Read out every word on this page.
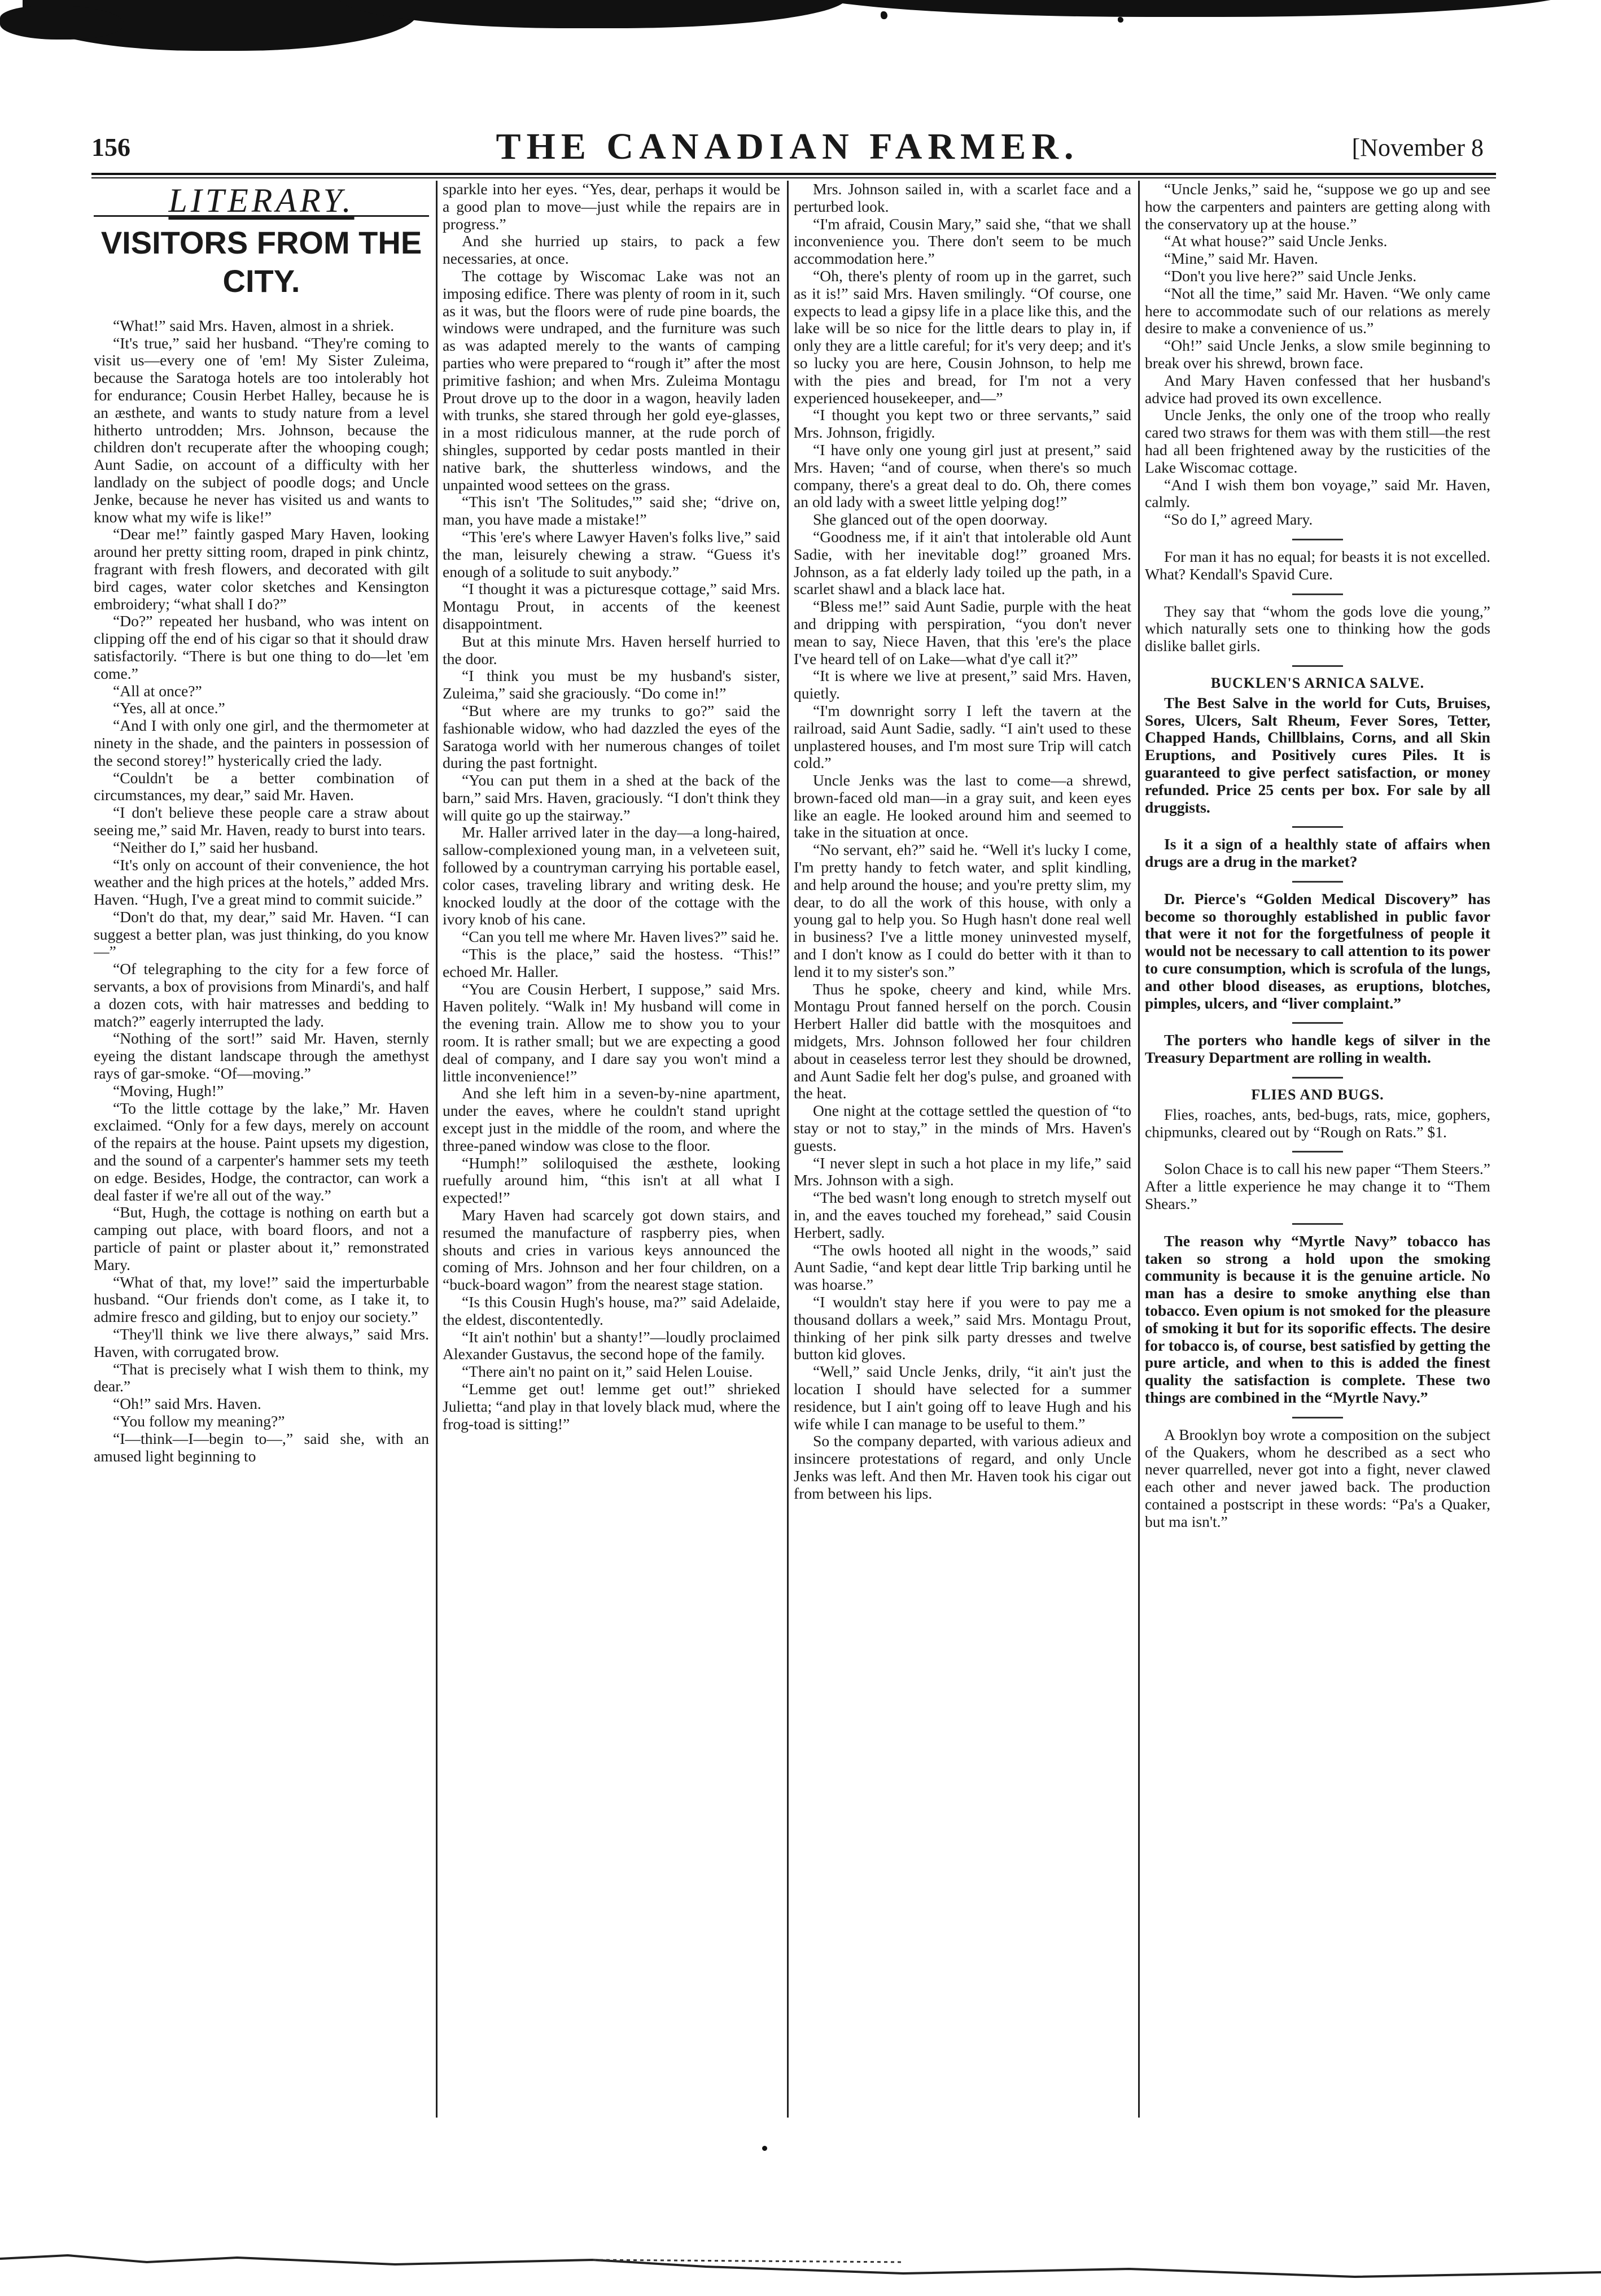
156	THE CANADIAN FARMER.	[November 8
LITERARY.
VISITORS FROM THE CITY.

“What!” said Mrs. Haven, almost in a shriek.

“It's true,” said her husband. “They're coming to visit us—every one of 'em! My Sister Zuleima, because the Saratoga hotels are too intolerably hot for endurance; Cousin Herbet Halley, because he is an æsthete, and wants to study nature from a level hitherto untrodden; Mrs. Johnson, because the children don't recuperate after the whooping cough; Aunt Sadie, on account of a difficulty with her landlady on the subject of poodle dogs; and Uncle Jenke, because he never has visited us and wants to know what my wife is like!”

“Dear me!” faintly gasped Mary Haven, looking around her pretty sitting room, draped in pink chintz, fragrant with fresh flowers, and decorated with gilt bird cages, water color sketches and Kensington embroidery; “what shall I do?”

“Do?” repeated her husband, who was intent on clipping off the end of his cigar so that it should draw satisfactorily. “There is but one thing to do—let 'em come.”

“All at once?”

“Yes, all at once.”

“And I with only one girl, and the thermometer at ninety in the shade, and the painters in possession of the second storey!” hysterically cried the lady.

“Couldn't be a better combination of circumstances, my dear,” said Mr. Haven.

“I don't believe these people care a straw about seeing me,” said Mr. Haven, ready to burst into tears.

“Neither do I,” said her husband.

“It's only on account of their convenience, the hot weather and the high prices at the hotels,” added Mrs. Haven. “Hugh, I've a great mind to commit suicide.”

“Don't do that, my dear,” said Mr. Haven. “I can suggest a better plan, was just thinking, do you know—”

“Of telegraphing to the city for a few force of servants, a box of provisions from Minardi's, and half a dozen cots, with hair matresses and bedding to match?” eagerly interrupted the lady.

“Nothing of the sort!” said Mr. Haven, sternly eyeing the distant landscape through the amethyst rays of gar-smoke. “Of—moving.”

“Moving, Hugh!”

“To the little cottage by the lake,” Mr. Haven exclaimed. “Only for a few days, merely on account of the repairs at the house. Paint upsets my digestion, and the sound of a carpenter's hammer sets my teeth on edge. Besides, Hodge, the contractor, can work a deal faster if we're all out of the way.”

“But, Hugh, the cottage is nothing on earth but a camping out place, with board floors, and not a particle of paint or plaster about it,” remonstrated Mary.

“What of that, my love!” said the imperturbable husband. “Our friends don't come, as I take it, to admire fresco and gilding, but to enjoy our society.”

“They'll think we live there always,” said Mrs. Haven, with corrugated brow.

“That is precisely what I wish them to think, my dear.”

“Oh!” said Mrs. Haven.

“You follow my meaning?”

“I—think—I—begin to—,” said she, with an amused light beginning to

sparkle into her eyes. “Yes, dear, perhaps it would be a good plan to move—just while the repairs are in progress.”

And she hurried up stairs, to pack a few necessaries, at once.

The cottage by Wiscomac Lake was not an imposing edifice. There was plenty of room in it, such as it was, but the floors were of rude pine boards, the windows were undraped, and the furniture was such as was adapted merely to the wants of camping parties who were prepared to “rough it” after the most primitive fashion; and when Mrs. Zuleima Montagu Prout drove up to the door in a wagon, heavily laden with trunks, she stared through her gold eye-glasses, in a most ridiculous manner, at the rude porch of shingles, supported by cedar posts mantled in their native bark, the shutterless windows, and the unpainted wood settees on the grass.

“This isn't 'The Solitudes,'” said she; “drive on, man, you have made a mistake!”

“This 'ere's where Lawyer Haven's folks live,” said the man, leisurely chewing a straw. “Guess it's enough of a solitude to suit anybody.”

“I thought it was a picturesque cottage,” said Mrs. Montagu Prout, in accents of the keenest disappointment.

But at this minute Mrs. Haven herself hurried to the door.

“I think you must be my husband's sister, Zuleima,” said she graciously. “Do come in!”

“But where are my trunks to go?” said the fashionable widow, who had dazzled the eyes of the Saratoga world with her numerous changes of toilet during the past fortnight.

“You can put them in a shed at the back of the barn,” said Mrs. Haven, graciously. “I don't think they will quite go up the stairway.”

Mr. Haller arrived later in the day—a long-haired, sallow-complexioned young man, in a velveteen suit, followed by a countryman carrying his portable easel, color cases, traveling library and writing desk. He knocked loudly at the door of the cottage with the ivory knob of his cane.

“Can you tell me where Mr. Haven lives?” said he.

“This is the place,” said the hostess. “This!” echoed Mr. Haller.

“You are Cousin Herbert, I suppose,” said Mrs. Haven politely. “Walk in! My husband will come in the evening train. Allow me to show you to your room. It is rather small; but we are expecting a good deal of company, and I dare say you won't mind a little inconvenience!”

And she left him in a seven-by-nine apartment, under the eaves, where he couldn't stand upright except just in the middle of the room, and where the three-paned window was close to the floor.

“Humph!” soliloquised the æsthete, looking ruefully around him, “this isn't at all what I expected!”

Mary Haven had scarcely got down stairs, and resumed the manufacture of raspberry pies, when shouts and cries in various keys announced the coming of Mrs. Johnson and her four children, on a “buck-board wagon” from the nearest stage station.

“Is this Cousin Hugh's house, ma?” said Adelaide, the eldest, discontentedly.

“It ain't nothin' but a shanty!”—loudly proclaimed Alexander Gustavus, the second hope of the family.

“There ain't no paint on it,” said Helen Louise.

“Lemme get out! lemme get out!” shrieked Julietta; “and play in that lovely black mud, where the frog-toad is sitting!”

Mrs. Johnson sailed in, with a scarlet face and a perturbed look.

“I'm afraid, Cousin Mary,” said she, “that we shall inconvenience you. There don't seem to be much accommodation here.”

“Oh, there's plenty of room up in the garret, such as it is!” said Mrs. Haven smilingly. “Of course, one expects to lead a gipsy life in a place like this, and the lake will be so nice for the little dears to play in, if only they are a little careful; for it's very deep; and it's so lucky you are here, Cousin Johnson, to help me with the pies and bread, for I'm not a very experienced housekeeper, and—”

“I thought you kept two or three servants,” said Mrs. Johnson, frigidly.

“I have only one young girl just at present,” said Mrs. Haven; “and of course, when there's so much company, there's a great deal to do. Oh, there comes an old lady with a sweet little yelping dog!”

She glanced out of the open doorway.

“Goodness me, if it ain't that intolerable old Aunt Sadie, with her inevitable dog!” groaned Mrs. Johnson, as a fat elderly lady toiled up the path, in a scarlet shawl and a black lace hat.

“Bless me!” said Aunt Sadie, purple with the heat and dripping with perspiration, “you don't never mean to say, Niece Haven, that this 'ere's the place I've heard tell of on Lake—what d'ye call it?”

“It is where we live at present,” said Mrs. Haven, quietly.

“I'm downright sorry I left the tavern at the railroad, said Aunt Sadie, sadly. “I ain't used to these unplastered houses, and I'm most sure Trip will catch cold.”

Uncle Jenks was the last to come—a shrewd, brown-faced old man—in a gray suit, and keen eyes like an eagle. He looked around him and seemed to take in the situation at once.

“No servant, eh?” said he. “Well it's lucky I come, I'm pretty handy to fetch water, and split kindling, and help around the house; and you're pretty slim, my dear, to do all the work of this house, with only a young gal to help you. So Hugh hasn't done real well in business? I've a little money uninvested myself, and I don't know as I could do better with it than to lend it to my sister's son.”

Thus he spoke, cheery and kind, while Mrs. Montagu Prout fanned herself on the porch. Cousin Herbert Haller did battle with the mosquitoes and midgets, Mrs. Johnson followed her four children about in ceaseless terror lest they should be drowned, and Aunt Sadie felt her dog's pulse, and groaned with the heat.

One night at the cottage settled the question of “to stay or not to stay,” in the minds of Mrs. Haven's guests.

“I never slept in such a hot place in my life,” said Mrs. Johnson with a sigh.

“The bed wasn't long enough to stretch myself out in, and the eaves touched my forehead,” said Cousin Herbert, sadly.

“The owls hooted all night in the woods,” said Aunt Sadie, “and kept dear little Trip barking until he was hoarse.”

“I wouldn't stay here if you were to pay me a thousand dollars a week,” said Mrs. Montagu Prout, thinking of her pink silk party dresses and twelve button kid gloves.

“Well,” said Uncle Jenks, drily, “it ain't just the location I should have selected for a summer residence, but I ain't going off to leave Hugh and his wife while I can manage to be useful to them.”

So the company departed, with various adieux and insincere protestations of regard, and only Uncle Jenks was left. And then Mr. Haven took his cigar out from between his lips.

“Uncle Jenks,” said he, “suppose we go up and see how the carpenters and painters are getting along with the conservatory up at the house.”

“At what house?” said Uncle Jenks.

“Mine,” said Mr. Haven.

“Don't you live here?” said Uncle Jenks.

“Not all the time,” said Mr. Haven. “We only came here to accommodate such of our relations as merely desire to make a convenience of us.”

“Oh!” said Uncle Jenks, a slow smile beginning to break over his shrewd, brown face.

And Mary Haven confessed that her husband's advice had proved its own excellence.

Uncle Jenks, the only one of the troop who really cared two straws for them was with them still—the rest had all been frightened away by the rusticities of the Lake Wiscomac cottage.

“And I wish them bon voyage,” said Mr. Haven, calmly.

“So do I,” agreed Mary.

For man it has no equal; for beasts it is not excelled. What? Kendall's Spavid Cure.

They say that “whom the gods love die young,” which naturally sets one to thinking how the gods dislike ballet girls.

BUCKLEN'S ARNICA SALVE.

The Best Salve in the world for Cuts, Bruises, Sores, Ulcers, Salt Rheum, Fever Sores, Tetter, Chapped Hands, Chillblains, Corns, and all Skin Eruptions, and Positively cures Piles. It is guaranteed to give perfect satisfaction, or money refunded. Price 25 cents per box. For sale by all druggists.

Is it a sign of a healthly state of affairs when drugs are a drug in the market?

Dr. Pierce's “Golden Medical Discovery” has become so thoroughly established in public favor that were it not for the forgetfulness of people it would not be necessary to call attention to its power to cure consumption, which is scrofula of the lungs, and other blood diseases, as eruptions, blotches, pimples, ulcers, and “liver complaint.”

The porters who handle kegs of silver in the Treasury Department are rolling in wealth.

FLIES AND BUGS.

Flies, roaches, ants, bed-bugs, rats, mice, gophers, chipmunks, cleared out by “Rough on Rats.” $1.

Solon Chace is to call his new paper “Them Steers.” After a little experience he may change it to “Them Shears.”

The reason why “Myrtle Navy” tobacco has taken so strong a hold upon the smoking community is because it is the genuine article. No man has a desire to smoke anything else than tobacco. Even opium is not smoked for the pleasure of smoking it but for its soporific effects. The desire for tobacco is, of course, best satisfied by getting the pure article, and when to this is added the finest quality the satisfaction is complete. These two things are combined in the “Myrtle Navy.”

A Brooklyn boy wrote a composition on the subject of the Quakers, whom he described as a sect who never quarrelled, never got into a fight, never clawed each other and never jawed back. The production contained a postscript in these words: “Pa's a Quaker, but ma isn't.”
